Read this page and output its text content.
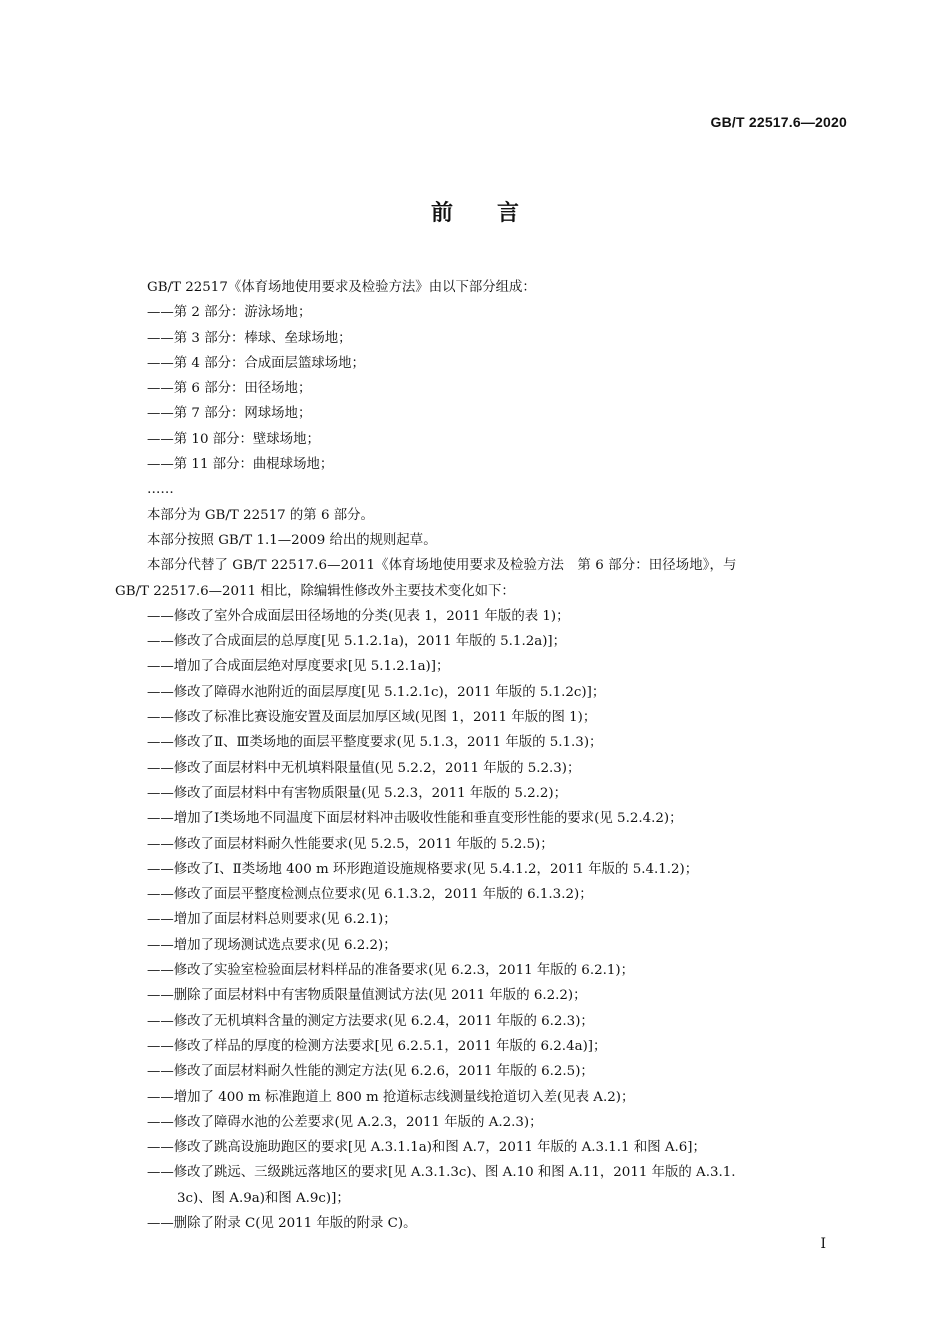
GB/T 22517.6—2020
前言
GB/T 22517《体育场地使用要求及检验方法》由以下部分组成：
——第 2 部分：游泳场地；
——第 3 部分：棒球、垒球场地；
——第 4 部分：合成面层篮球场地；
——第 6 部分：田径场地；
——第 7 部分：网球场地；
——第 10 部分：壁球场地；
——第 11 部分：曲棍球场地；
……
本部分为 GB/T 22517 的第 6 部分。
本部分按照 GB/T 1.1—2009 给出的规则起草。
本部分代替了 GB/T 22517.6—2011《体育场地使用要求及检验方法　第 6 部分：田径场地》，与
GB/T 22517.6—2011 相比，除编辑性修改外主要技术变化如下：
——修改了室外合成面层田径场地的分类(见表 1，2011 年版的表 1)；
——修改了合成面层的总厚度[见 5.1.2.1a)，2011 年版的 5.1.2a)]；
——增加了合成面层绝对厚度要求[见 5.1.2.1a)]；
——修改了障碍水池附近的面层厚度[见 5.1.2.1c)，2011 年版的 5.1.2c)]；
——修改了标准比赛设施安置及面层加厚区域(见图 1，2011 年版的图 1)；
——修改了Ⅱ、Ⅲ类场地的面层平整度要求(见 5.1.3，2011 年版的 5.1.3)；
——修改了面层材料中无机填料限量值(见 5.2.2，2011 年版的 5.2.3)；
——修改了面层材料中有害物质限量(见 5.2.3，2011 年版的 5.2.2)；
——增加了Ⅰ类场地不同温度下面层材料冲击吸收性能和垂直变形性能的要求(见 5.2.4.2)；
——修改了面层材料耐久性能要求(见 5.2.5，2011 年版的 5.2.5)；
——修改了Ⅰ、Ⅱ类场地 400 m 环形跑道设施规格要求(见 5.4.1.2，2011 年版的 5.4.1.2)；
——修改了面层平整度检测点位要求(见 6.1.3.2，2011 年版的 6.1.3.2)；
——增加了面层材料总则要求(见 6.2.1)；
——增加了现场测试选点要求(见 6.2.2)；
——修改了实验室检验面层材料样品的准备要求(见 6.2.3，2011 年版的 6.2.1)；
——删除了面层材料中有害物质限量值测试方法(见 2011 年版的 6.2.2)；
——修改了无机填料含量的测定方法要求(见 6.2.4，2011 年版的 6.2.3)；
——修改了样品的厚度的检测方法要求[见 6.2.5.1，2011 年版的 6.2.4a)]；
——修改了面层材料耐久性能的测定方法(见 6.2.6，2011 年版的 6.2.5)；
——增加了 400 m 标准跑道上 800 m 抢道标志线测量线抢道切入差(见表 A.2)；
——修改了障碍水池的公差要求(见 A.2.3，2011 年版的 A.2.3)；
——修改了跳高设施助跑区的要求[见 A.3.1.1a)和图 A.7，2011 年版的 A.3.1.1 和图 A.6]；
——修改了跳远、三级跳远落地区的要求[见 A.3.1.3c)、图 A.10 和图 A.11，2011 年版的 A.3.1.
3c)、图 A.9a)和图 A.9c)]；
——删除了附录 C(见 2011 年版的附录 C)。
Ⅰ
